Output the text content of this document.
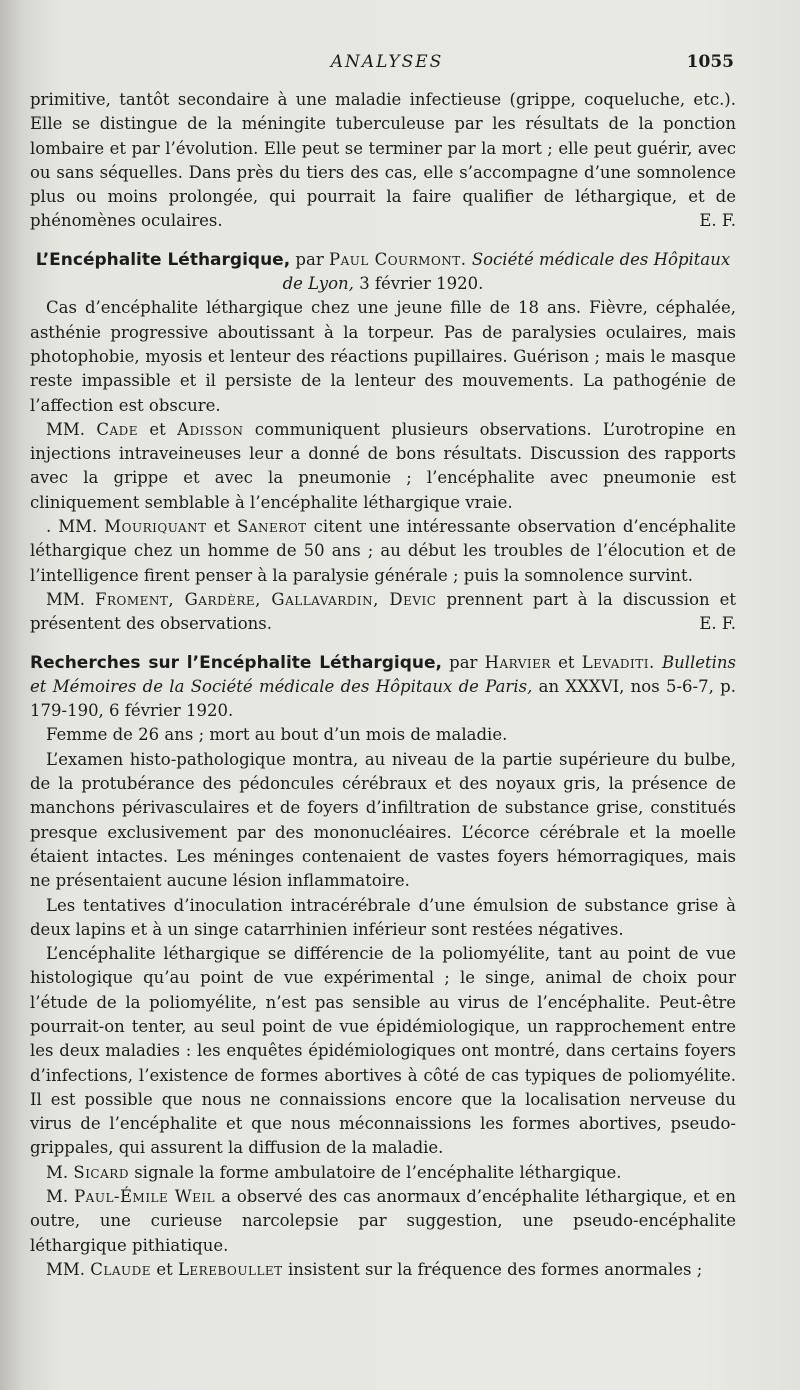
ANALYSES	1055

primitive, tantôt secondaire à une maladie infectieuse (grippe, coqueluche, etc.). Elle se distingue de la méningite tuberculeuse par les résultats de la ponction lombaire et par l’évolution. Elle peut se terminer par la mort ; elle peut guérir, avec ou sans séquelles. Dans près du tiers des cas, elle s’accompagne d’une somnolence plus ou moins prolongée, qui pourrait la faire qualifier de léthargique, et de phénomènes oculaires.	E. F.

L’Encéphalite Léthargique, par Paul Courmont. Société médicale des Hôpitaux de Lyon, 3 février 1920.

Cas d’encéphalite léthargique chez une jeune fille de 18 ans. Fièvre, céphalée, asthénie progressive aboutissant à la torpeur. Pas de paralysies oculaires, mais photophobie, myosis et lenteur des réactions pupillaires. Guérison ; mais le masque reste impassible et il persiste de la lenteur des mouvements. La pathogénie de l’affection est obscure.

MM. Cade et Adisson communiquent plusieurs observations. L’urotropine en injections intraveineuses leur a donné de bons résultats. Discussion des rapports avec la grippe et avec la pneumonie ; l’encéphalite avec pneumonie est cliniquement semblable à l’encéphalite léthargique vraie.

. MM. Mouriquant et Sanerot citent une intéressante observation d’encéphalite léthargique chez un homme de 50 ans ; au début les troubles de l’élocution et de l’intelligence firent penser à la paralysie générale ; puis la somnolence survint.

MM. Froment, Gardère, Gallavardin, Devic prennent part à la discussion et présentent des observations.	E. F.

Recherches sur l’Encéphalite Léthargique, par Harvier et Levaditi. Bulletins et Mémoires de la Société médicale des Hôpitaux de Paris, an XXXVI, nos 5-6-7, p. 179-190, 6 février 1920.

Femme de 26 ans ; mort au bout d’un mois de maladie.

L’examen histo-pathologique montra, au niveau de la partie supérieure du bulbe, de la protubérance des pédoncules cérébraux et des noyaux gris, la présence de manchons périvasculaires et de foyers d’infiltration de substance grise, constitués presque exclusivement par des mononucléaires. L’écorce cérébrale et la moelle étaient intactes. Les méninges contenaient de vastes foyers hémorragiques, mais ne présentaient aucune lésion inflammatoire.

Les tentatives d’inoculation intracérébrale d’une émulsion de substance grise à deux lapins et à un singe catarrhinien inférieur sont restées négatives.

L’encéphalite léthargique se différencie de la poliomyélite, tant au point de vue histologique qu’au point de vue expérimental ; le singe, animal de choix pour l’étude de la poliomyélite, n’est pas sensible au virus de l’encéphalite. Peut-être pourrait-on tenter, au seul point de vue épidémiologique, un rapprochement entre les deux maladies : les enquêtes épidémiologiques ont montré, dans certains foyers d’infections, l’existence de formes abortives à côté de cas typiques de poliomyélite. Il est possible que nous ne connaissions encore que la localisation nerveuse du virus de l’encéphalite et que nous méconnaissions les formes abortives, pseudo-grippales, qui assurent la diffusion de la maladie.

M. Sicard signale la forme ambulatoire de l’encéphalite léthargique.

M. Paul-Émile Weil a observé des cas anormaux d’encéphalite léthargique, et en outre, une curieuse narcolepsie par suggestion, une pseudo-encéphalite léthargique pithiatique.

MM. Claude et Lereboullet insistent sur la fréquence des formes anormales ;
